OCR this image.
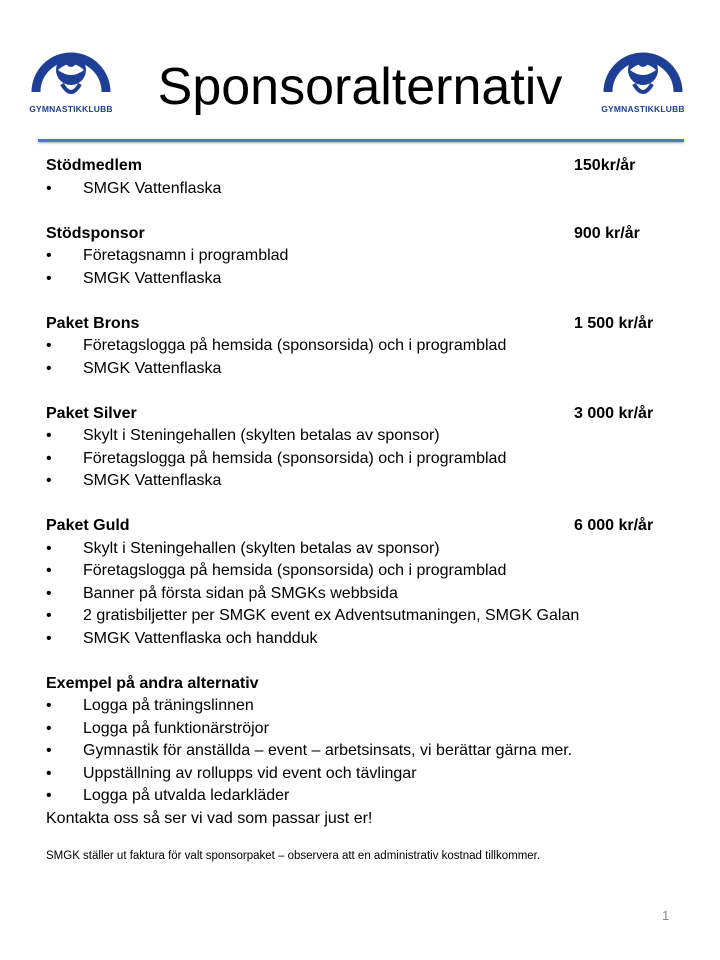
GYMNASTIKKLUBB	GYMNASTIKKLUBB
Sponsoralternativ
Stödmedlem	150kr/år
• SMGK Vattenflaska
Stödsponsor	900 kr/år
• Företagsnamn i programblad
• SMGK Vattenflaska
Paket Brons	1 500 kr/år
• Företagslogga på hemsida (sponsorsida) och i programblad
• SMGK Vattenflaska
Paket Silver	3 000 kr/år
• Skylt i Steningehallen (skylten betalas av sponsor)
• Företagslogga på hemsida (sponsorsida) och i programblad
• SMGK Vattenflaska
Paket Guld	6 000 kr/år
• Skylt i Steningehallen (skylten betalas av sponsor)
• Företagslogga på hemsida (sponsorsida) och i programblad
• Banner på första sidan på SMGKs webbsida
• 2 gratisbiljetter per SMGK event ex Adventsutmaningen, SMGK Galan
• SMGK Vattenflaska och handduk
Exempel på andra alternativ
• Logga på träningslinnen
• Logga på funktionärströjor
• Gymnastik för anställda – event – arbetsinsats, vi berättar gärna mer.
• Uppställning av rollupps vid event och tävlingar
• Logga på utvalda ledarkläder
Kontakta oss så ser vi vad som passar just er!
SMGK ställer ut faktura för valt sponsorpaket – observera att en administrativ kostnad tillkommer.
1
